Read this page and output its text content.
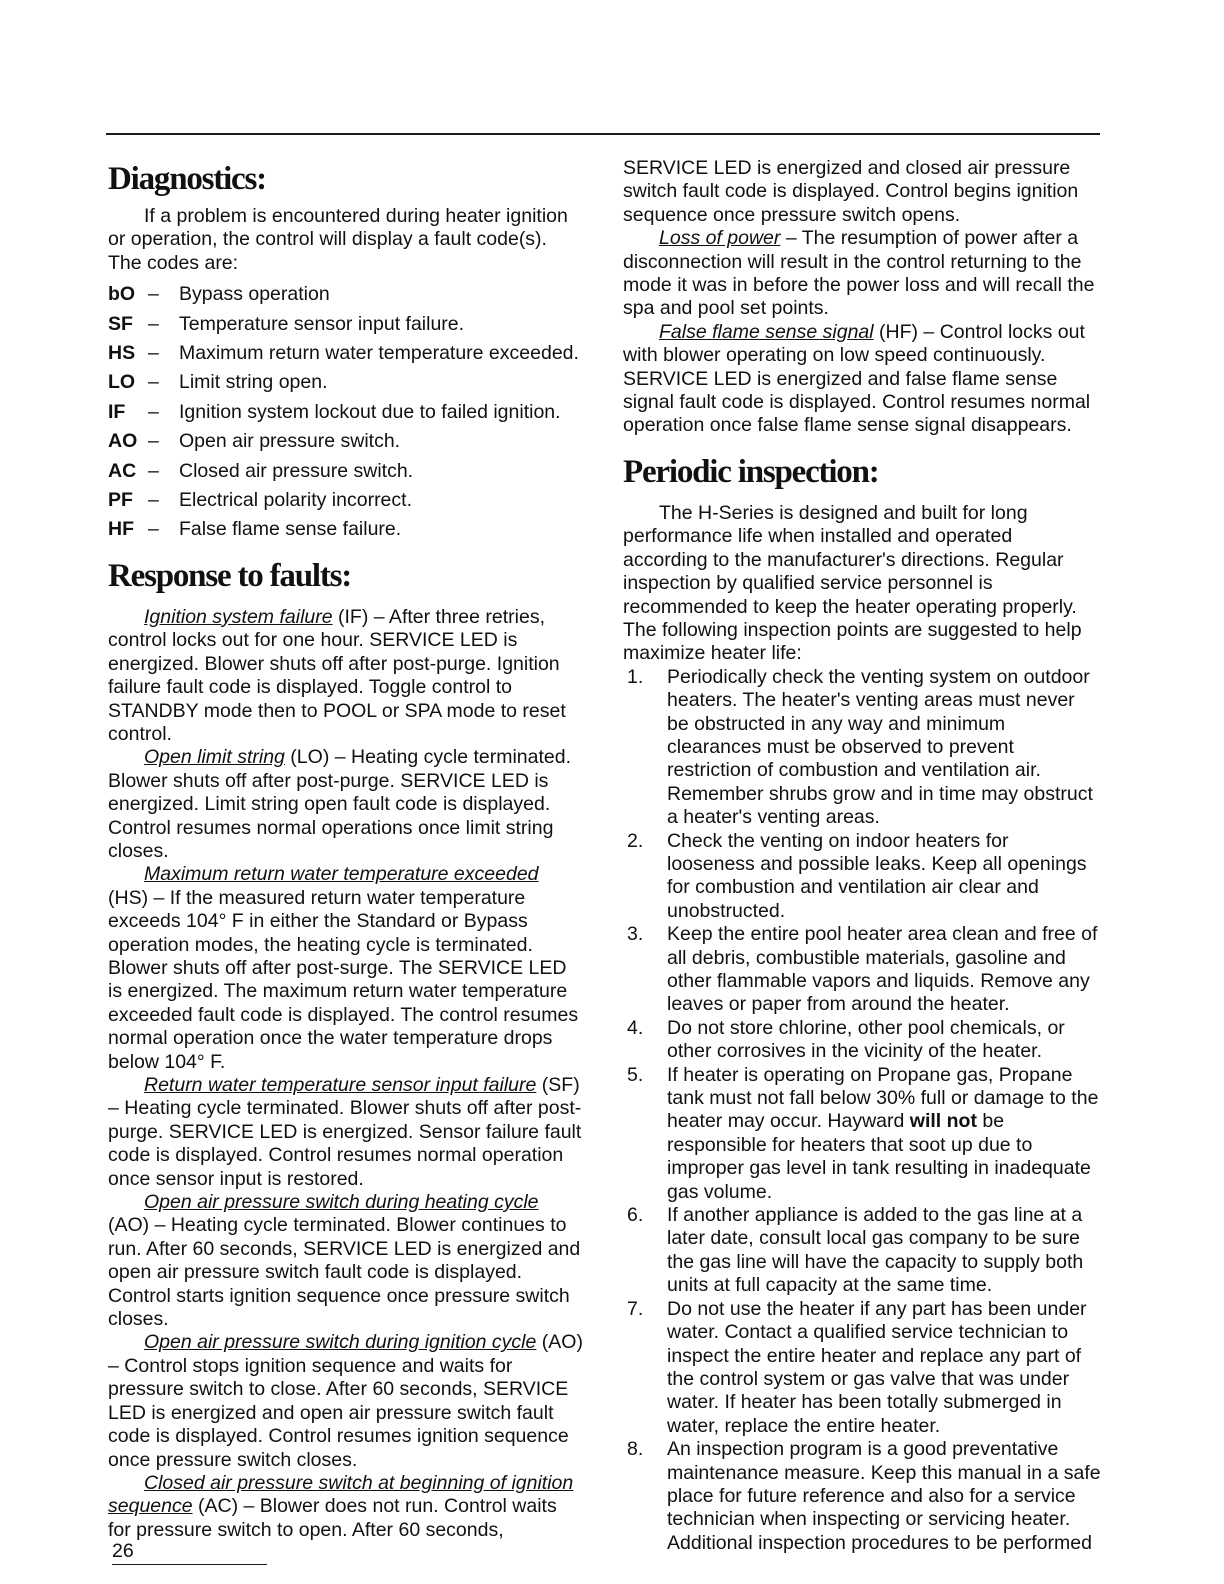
Diagnostics:

If a problem is encountered during heater ignition or operation, the control will display a fault code(s). The codes are:

bO –	Bypass operation
SF –	Temperature sensor input failure.
HS –	Maximum return water temperature exceeded.
LO –	Limit string open.
IF	–	Ignition system lockout due to failed ignition.
AO –	Open air pressure switch.
AC –	Closed air pressure switch.
PF –	Electrical polarity incorrect.
HF –	False flame sense failure.
Response to faults:

Ignition system failure (IF) – After three retries, control locks out for one hour. SERVICE LED is energized. Blower shuts off after post-purge. Ignition failure fault code is displayed. Toggle control to STANDBY mode then to POOL or SPA mode to reset control.

Open limit string (LO) – Heating cycle terminated. Blower shuts off after post-purge. SERVICE LED is energized. Limit string open fault code is displayed. Control resumes normal operations once limit string closes.

Maximum return water temperature exceeded (HS) – If the measured return water temperature exceeds 104° F in either the Standard or Bypass operation modes, the heating cycle is terminated. Blower shuts off after post-surge. The SERVICE LED is energized. The maximum return water temperature exceeded fault code is displayed. The control resumes normal operation once the water temperature drops below 104° F.

Return water temperature sensor input failure (SF) – Heating cycle terminated. Blower shuts off after post-purge. SERVICE LED is energized. Sensor failure fault code is displayed. Control resumes normal operation once sensor input is restored.

Open air pressure switch during heating cycle (AO) – Heating cycle terminated. Blower continues to run. After 60 seconds, SERVICE LED is energized and open air pressure switch fault code is displayed. Control starts ignition sequence once pressure switch closes.

Open air pressure switch during ignition cycle (AO) – Control stops ignition sequence and waits for pressure switch to close. After 60 seconds, SERVICE LED is energized and open air pressure switch fault code is displayed. Control resumes ignition sequence once pressure switch closes.

Closed air pressure switch at beginning of ignition sequence (AC) – Blower does not run. Control waits for pressure switch to open. After 60 seconds,

SERVICE LED is energized and closed air pressure switch fault code is displayed. Control begins ignition sequence once pressure switch opens.

Loss of power – The resumption of power after a disconnection will result in the control returning to the mode it was in before the power loss and will recall the spa and pool set points.

False flame sense signal (HF) – Control locks out with blower operating on low speed continuously. SERVICE LED is energized and false flame sense signal fault code is displayed. Control resumes normal operation once false flame sense signal disappears.

Periodic inspection:

The H-Series is designed and built for long performance life when installed and operated according to the manufacturer's directions. Regular inspection by qualified service personnel is recommended to keep the heater operating properly. The following inspection points are suggested to help maximize heater life:

1.	Periodically check the venting system on outdoor heaters. The heater's venting areas must never be obstructed in any way and minimum clearances must be observed to prevent restriction of combustion and ventilation air. Remember shrubs grow and in time may obstruct a heater's venting areas.
2.	Check the venting on indoor heaters for looseness and possible leaks. Keep all openings for combustion and ventilation air clear and unobstructed.
3.	Keep the entire pool heater area clean and free of all debris, combustible materials, gasoline and other flammable vapors and liquids. Remove any leaves or paper from around the heater.
4.	Do not store chlorine, other pool chemicals, or other corrosives in the vicinity of the heater.
5.	If heater is operating on Propane gas, Propane tank must not fall below 30% full or damage to the heater may occur. Hayward will not be responsible for heaters that soot up due to improper gas level in tank resulting in inadequate gas volume.
6.	If another appliance is added to the gas line at a later date, consult local gas company to be sure the gas line will have the capacity to supply both units at full capacity at the same time.
7.	Do not use the heater if any part has been under water. Contact a qualified service technician to inspect the entire heater and replace any part of the control system or gas valve that was under water. If heater has been totally submerged in water, replace the entire heater.
8.	An inspection program is a good preventative maintenance measure. Keep this manual in a safe place for future reference and also for a service technician when inspecting or servicing heater. Additional inspection procedures to be performed
26
